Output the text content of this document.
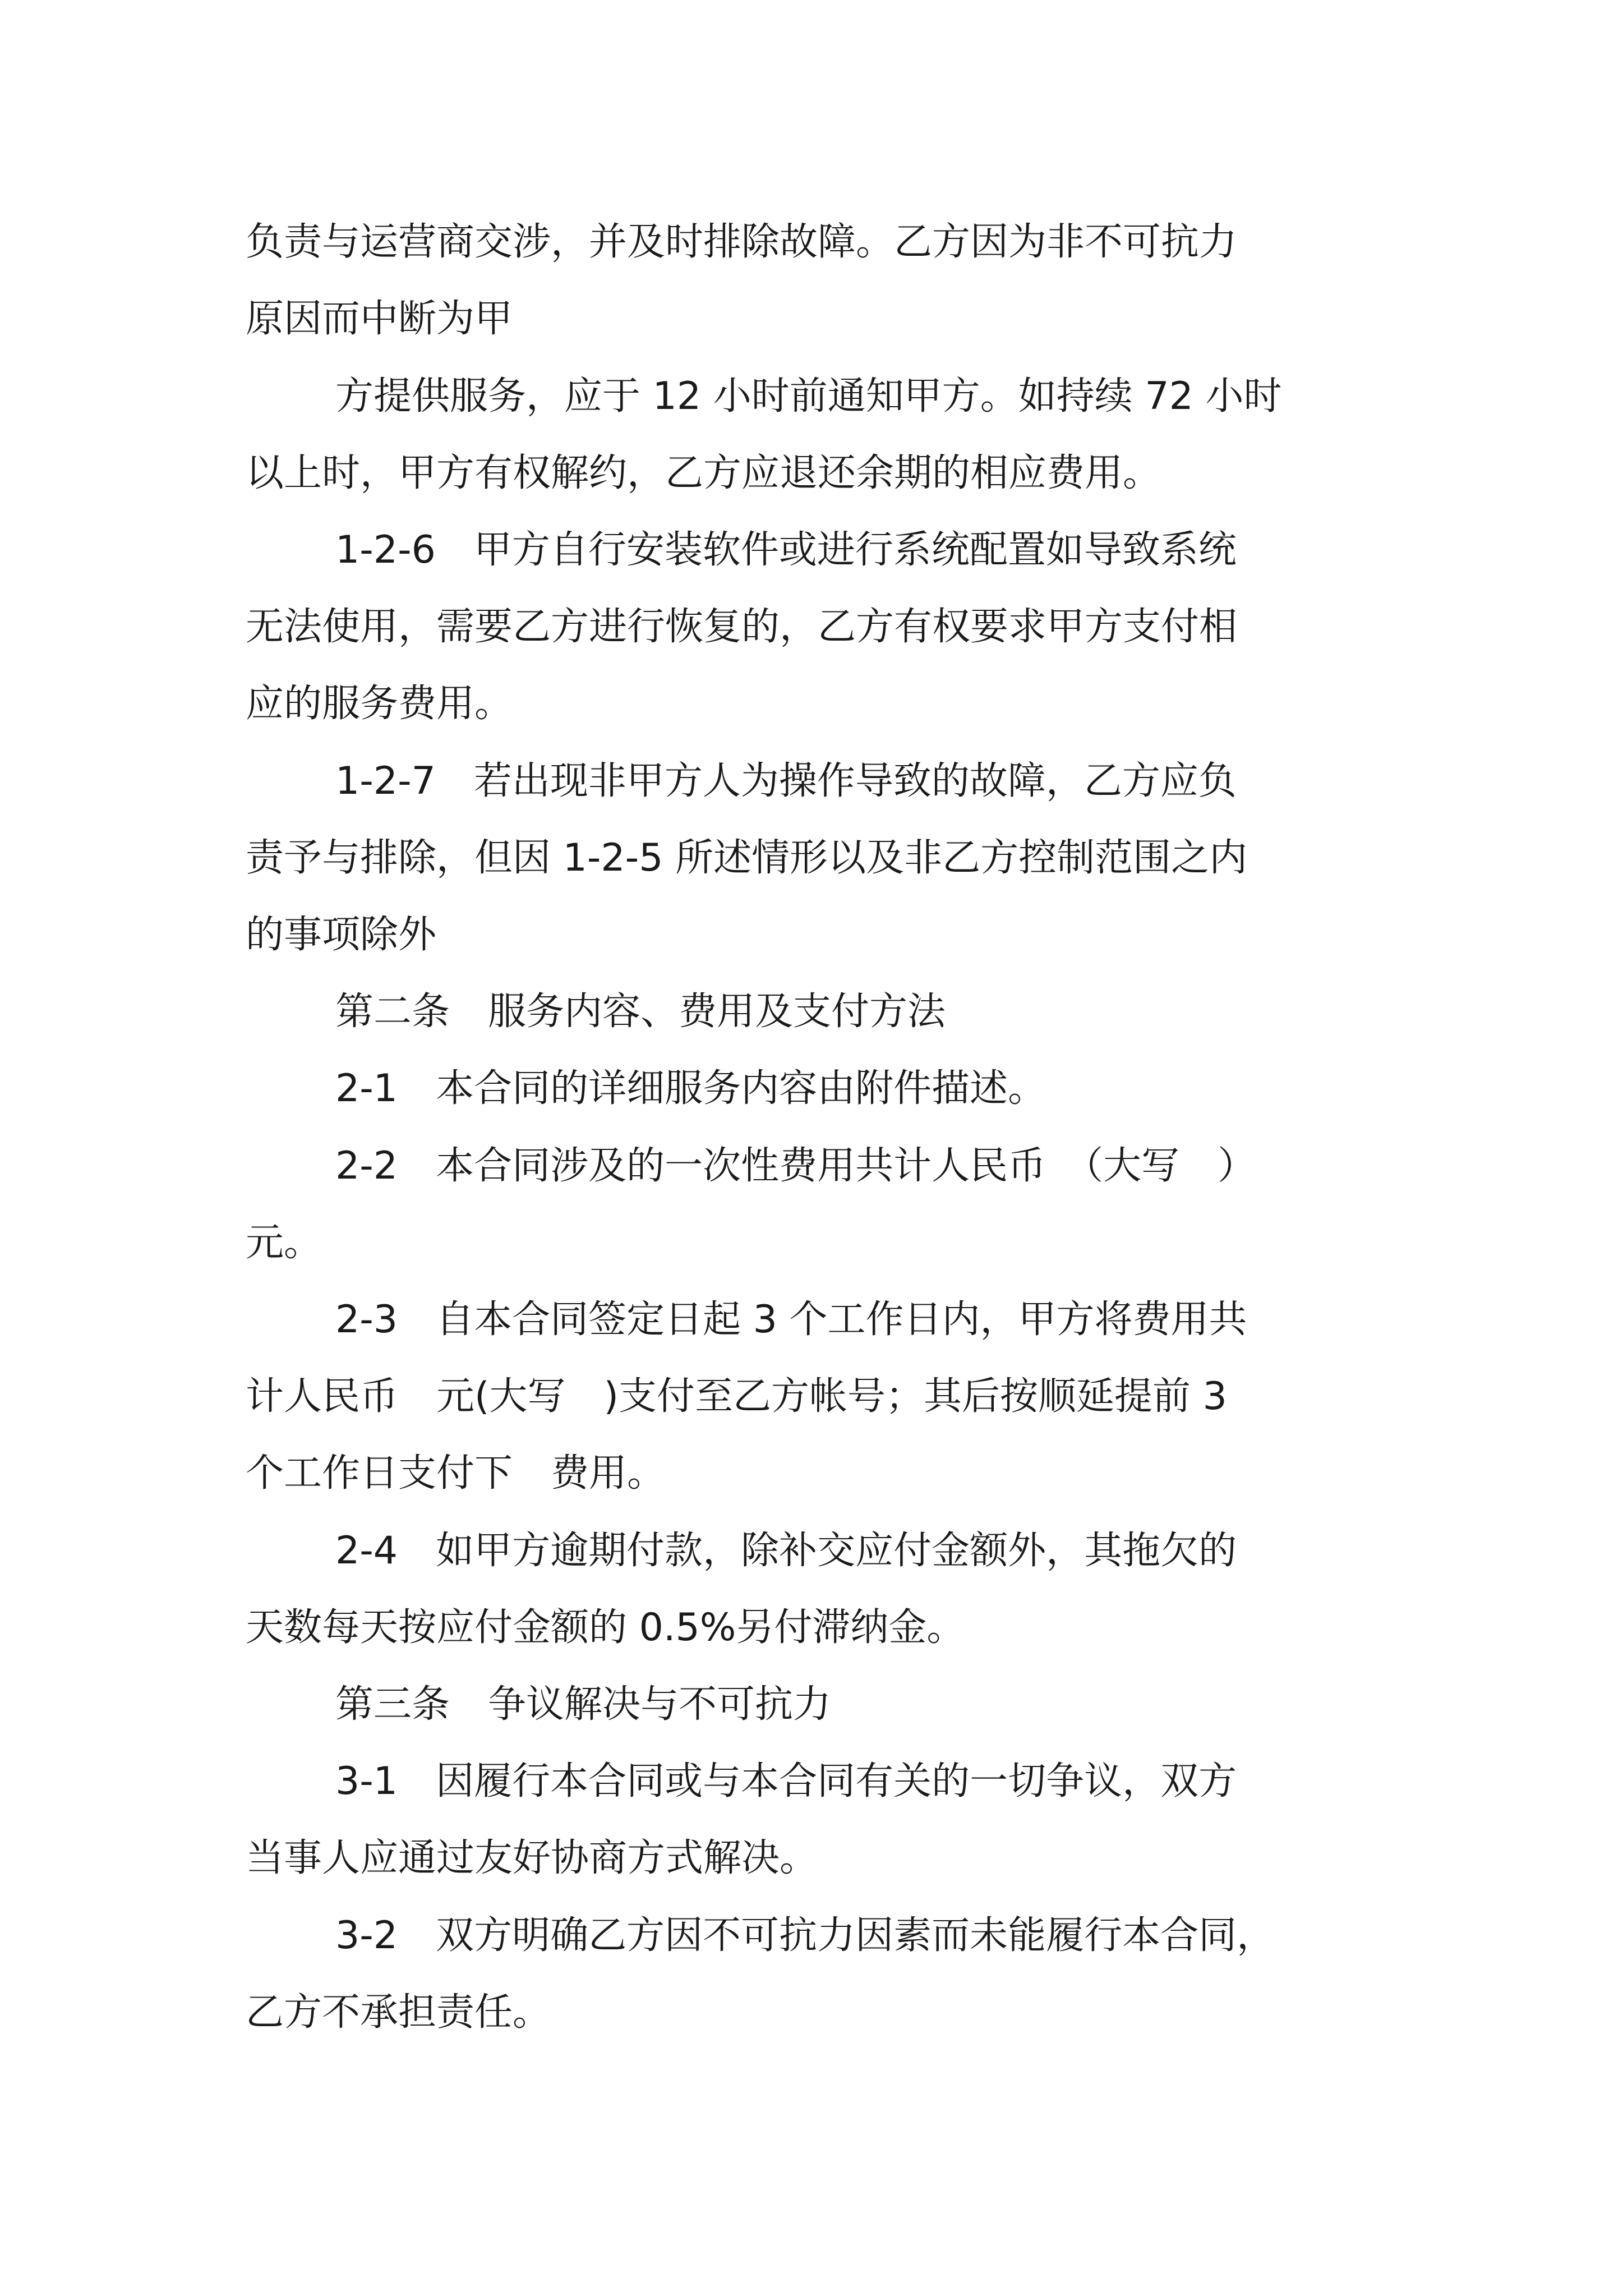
负责与运营商交涉，并及时排除故障。乙方因为非不可抗力
原因而中断为甲
方提供服务，应于 12 小时前通知甲方。如持续 72 小时
以上时，甲方有权解约，乙方应退还余期的相应费用。
1-2-6　甲方自行安装软件或进行系统配置如导致系统
无法使用，需要乙方进行恢复的，乙方有权要求甲方支付相
应的服务费用。
1-2-7　若出现非甲方人为操作导致的故障，乙方应负
责予与排除，但因 1-2-5 所述情形以及非乙方控制范围之内
的事项除外
第二条　服务内容、费用及支付方法
2-1　本合同的详细服务内容由附件描述。
2-2　本合同涉及的一次性费用共计人民币　（大写　）
元。
2-3　自本合同签定日起 3 个工作日内，甲方将费用共
计人民币　元(大写　)支付至乙方帐号；其后按顺延提前 3
个工作日支付下　费用。
2-4　如甲方逾期付款，除补交应付金额外，其拖欠的
天数每天按应付金额的 0.5%另付滞纳金。
第三条　争议解决与不可抗力
3-1　因履行本合同或与本合同有关的一切争议，双方
当事人应通过友好协商方式解决。
3-2　双方明确乙方因不可抗力因素而未能履行本合同，
乙方不承担责任。
